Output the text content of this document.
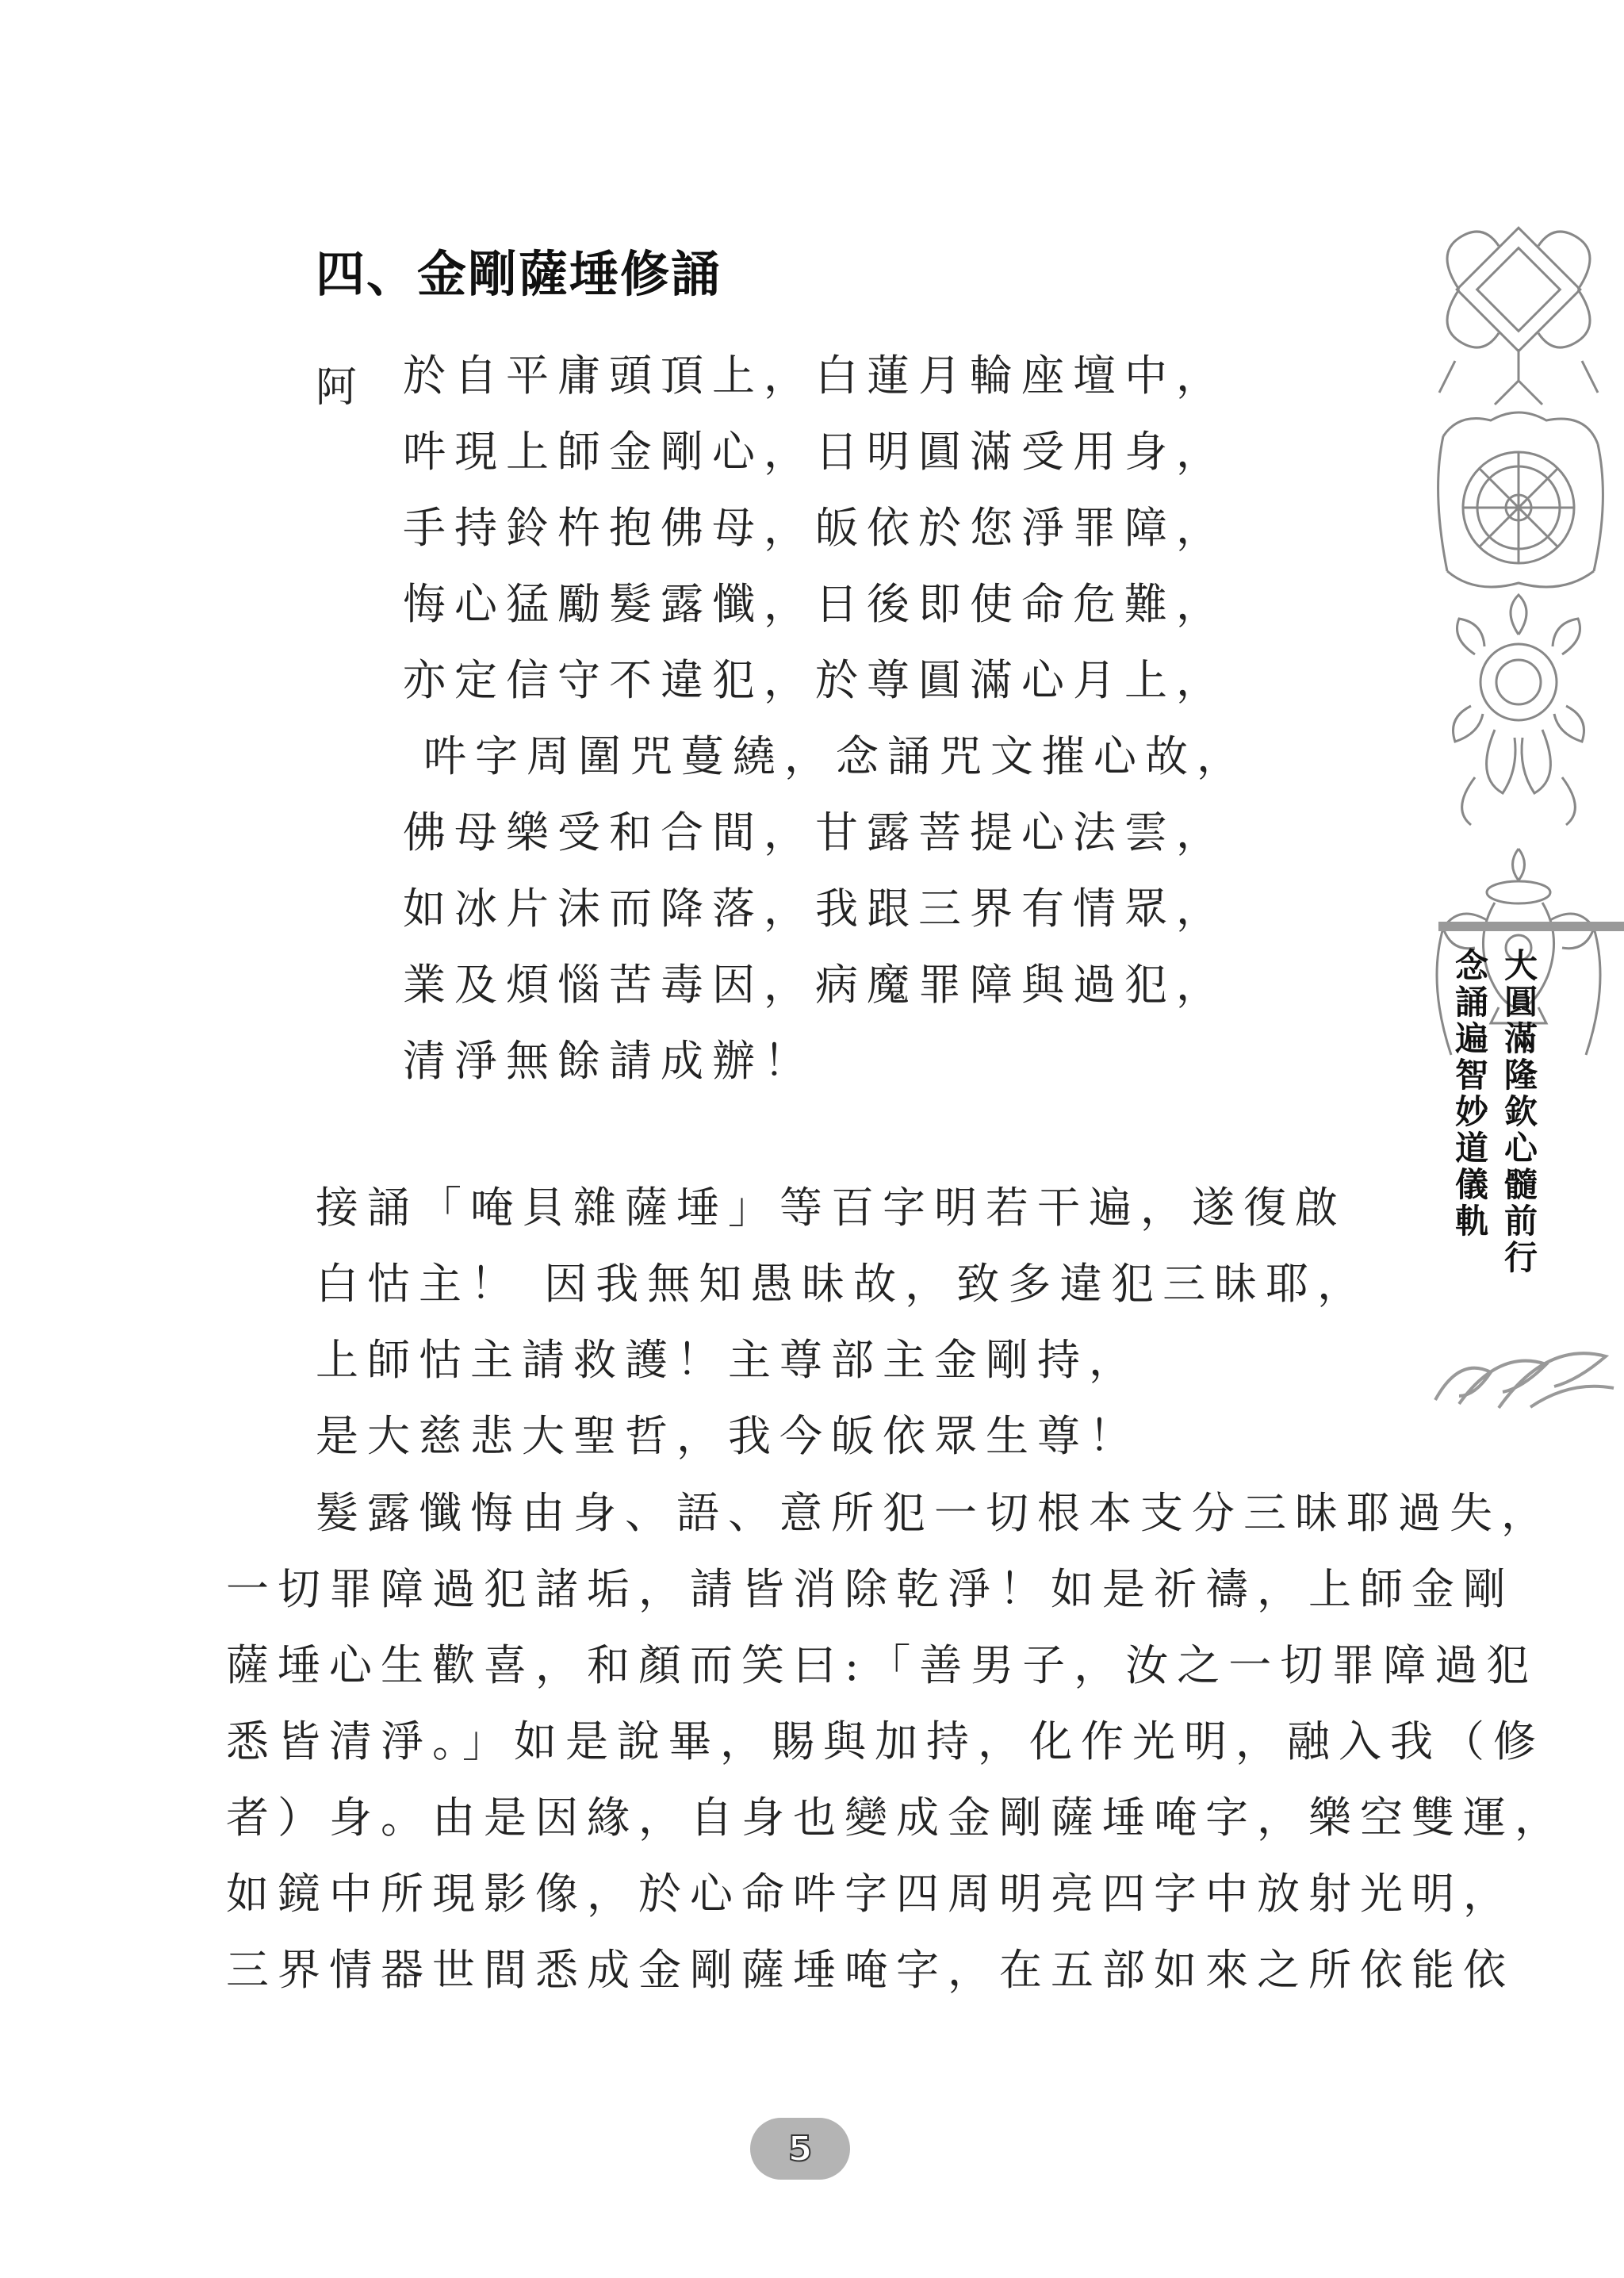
四、金剛薩埵修誦
阿 於自平庸頭頂上，白蓮月輪座壇中，
吽現上師金剛心，日明圓滿受用身，
手持鈴杵抱佛母，皈依於您淨罪障，
悔心猛勵髮露懺，日後即使命危難，
亦定信守不違犯，於尊圓滿心月上，
吽字周圍咒蔓繞，念誦咒文摧心故，
佛母樂受和合間，甘露菩提心法雲，
如冰片沫而降落，我跟三界有情眾，
業及煩惱苦毒因，病魔罪障與過犯，
清淨無餘請成辦！
接誦「唵貝雜薩埵」等百字明若干遍，遂復啟
白怙主！ 因我無知愚昧故，致多違犯三昧耶，
上師怙主請救護！主尊部主金剛持，
是大慈悲大聖哲，我今皈依眾生尊！
髮露懺悔由身、語、意所犯一切根本支分三昧耶過失，
一切罪障過犯諸垢，請皆消除乾淨！如是祈禱，上師金剛
薩埵心生歡喜，和顏而笑曰:「善男子，汝之一切罪障過犯
悉皆清淨。」如是說畢，賜與加持，化作光明，融入我（修
者）身。由是因緣，自身也變成金剛薩埵唵字，樂空雙運，
如鏡中所現影像，於心命吽字四周明亮四字中放射光明，
三界情器世間悉成金剛薩埵唵字，在五部如來之所依能依
大圓滿隆欽心髓前行
念誦遍智妙道儀軌
5
